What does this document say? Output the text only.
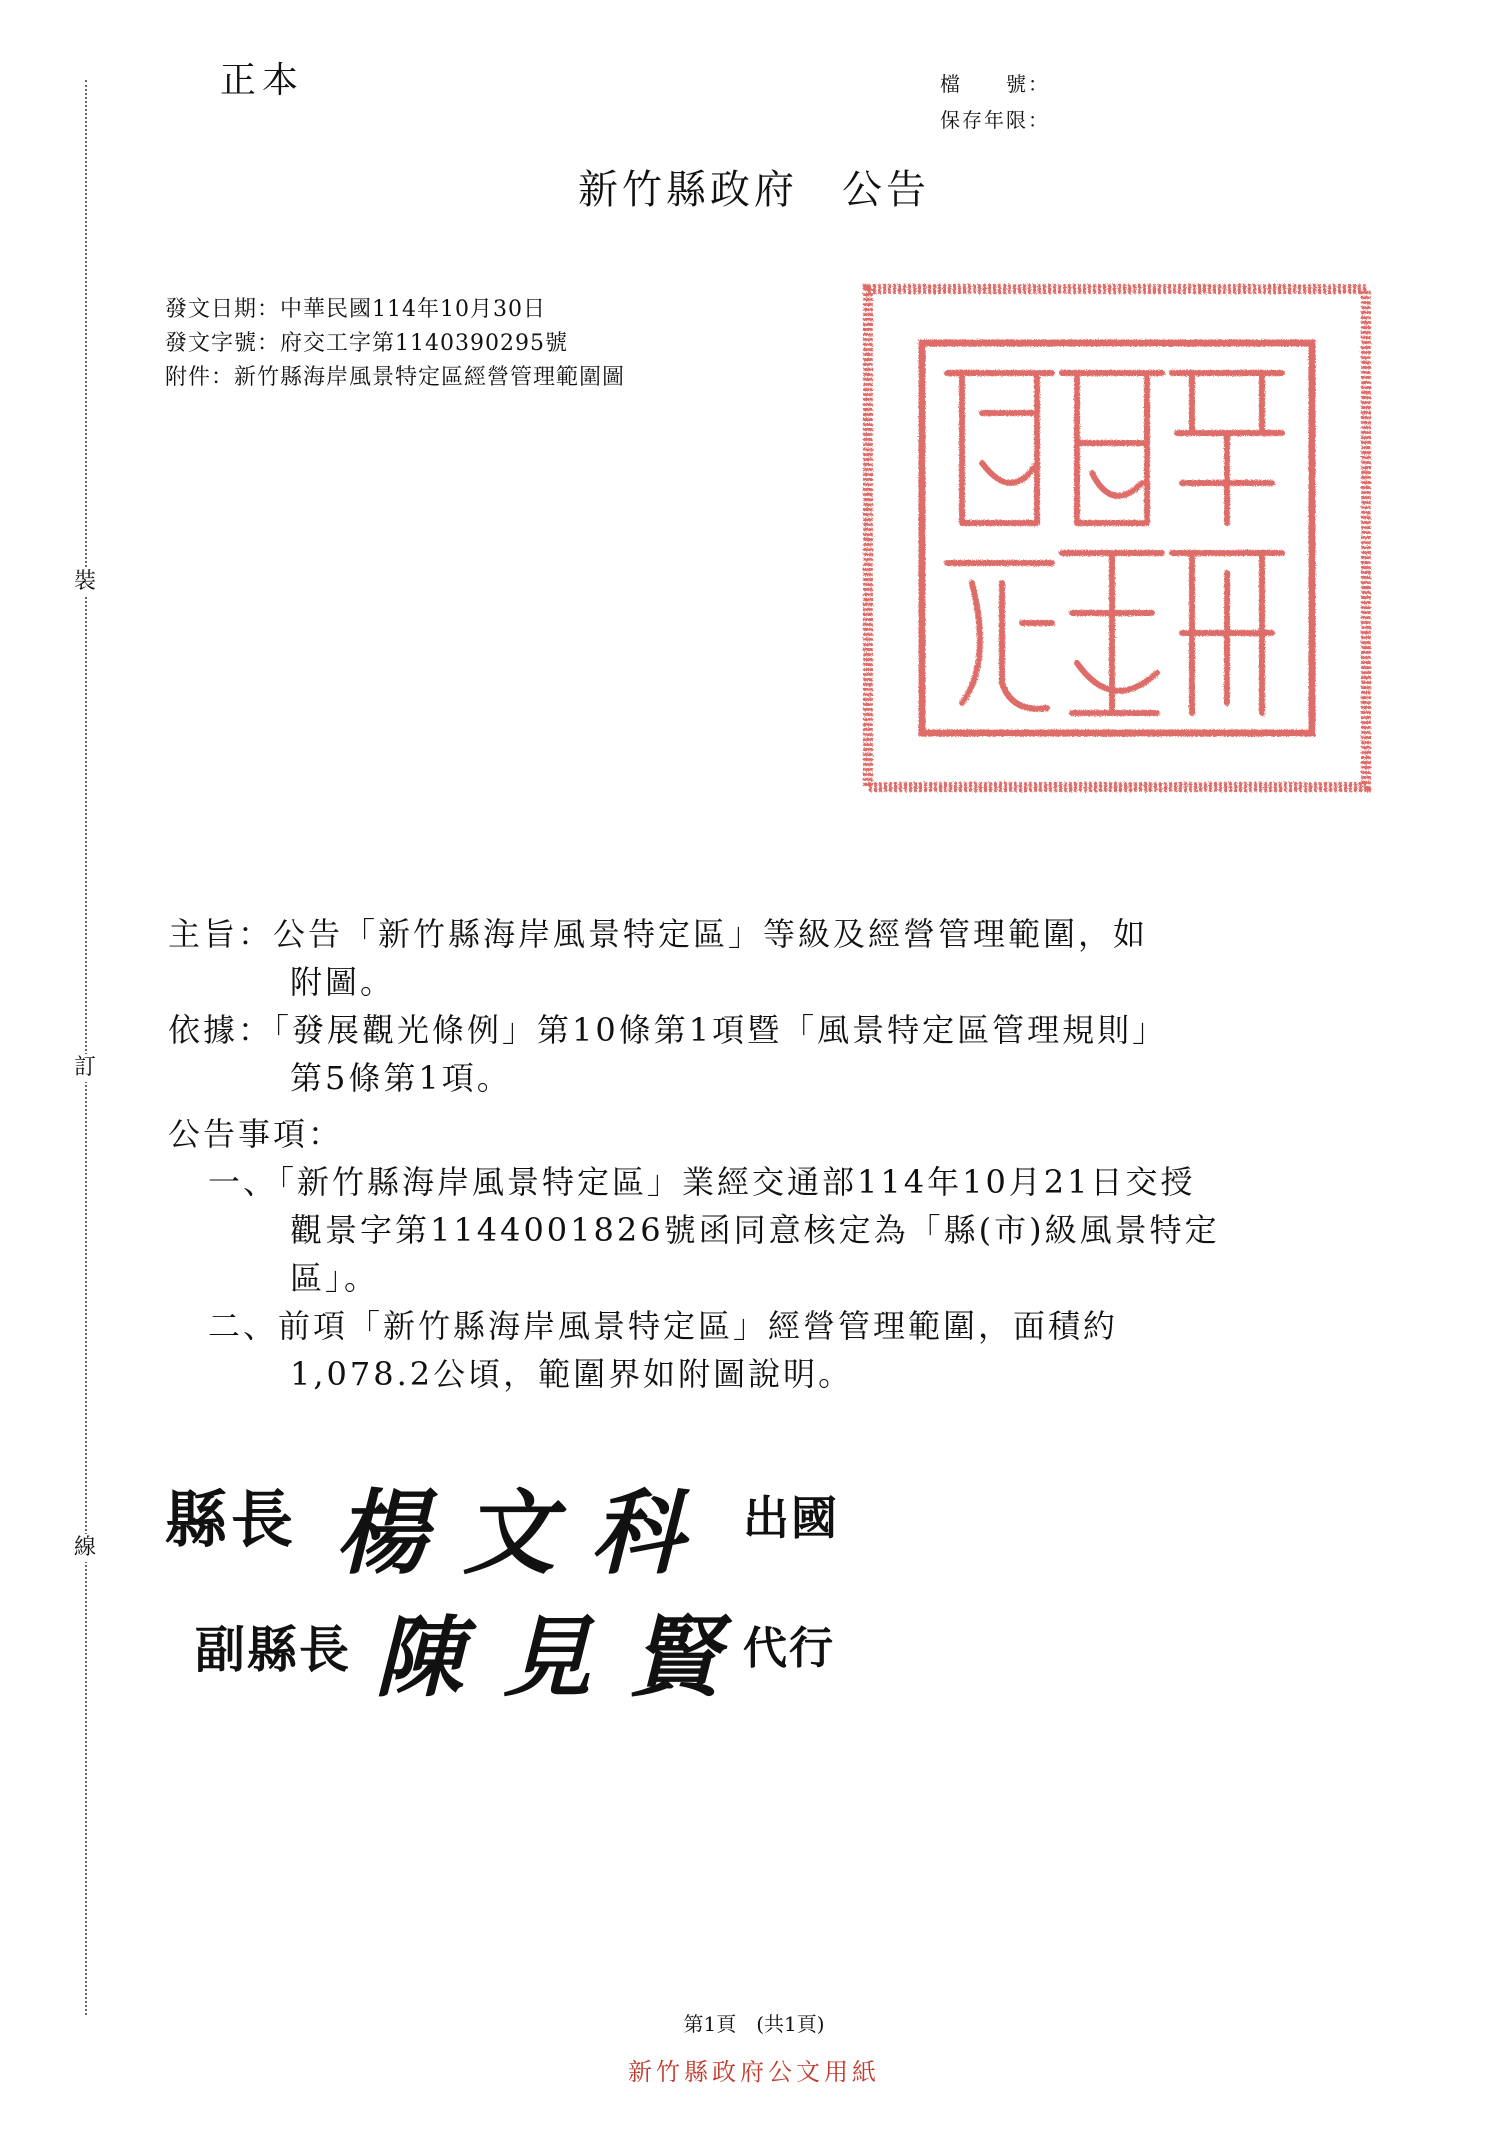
裝
訂
線
正本	檔　　號：
保存年限：
新竹縣政府　公告
發文日期：中華民國114年10月30日
發文字號：府交工字第1140390295號
附件：新竹縣海岸風景特定區經營管理範圍圖
主旨：公告「新竹縣海岸風景特定區」等級及經營管理範圍，如
附圖。
依據：「發展觀光條例」第10條第1項暨「風景特定區管理規則」
第5條第1項。
公告事項：
一、「新竹縣海岸風景特定區」業經交通部114年10月21日交授
觀景字第1144001826號函同意核定為「縣(市)級風景特定
區」。
二、前項「新竹縣海岸風景特定區」經營管理範圍，面積約
1,078.2公頃，範圍界如附圖說明。
縣長 楊文科 出國
副縣長 陳見賢
代行
第1頁　(共1頁)
新竹縣政府公文用紙
